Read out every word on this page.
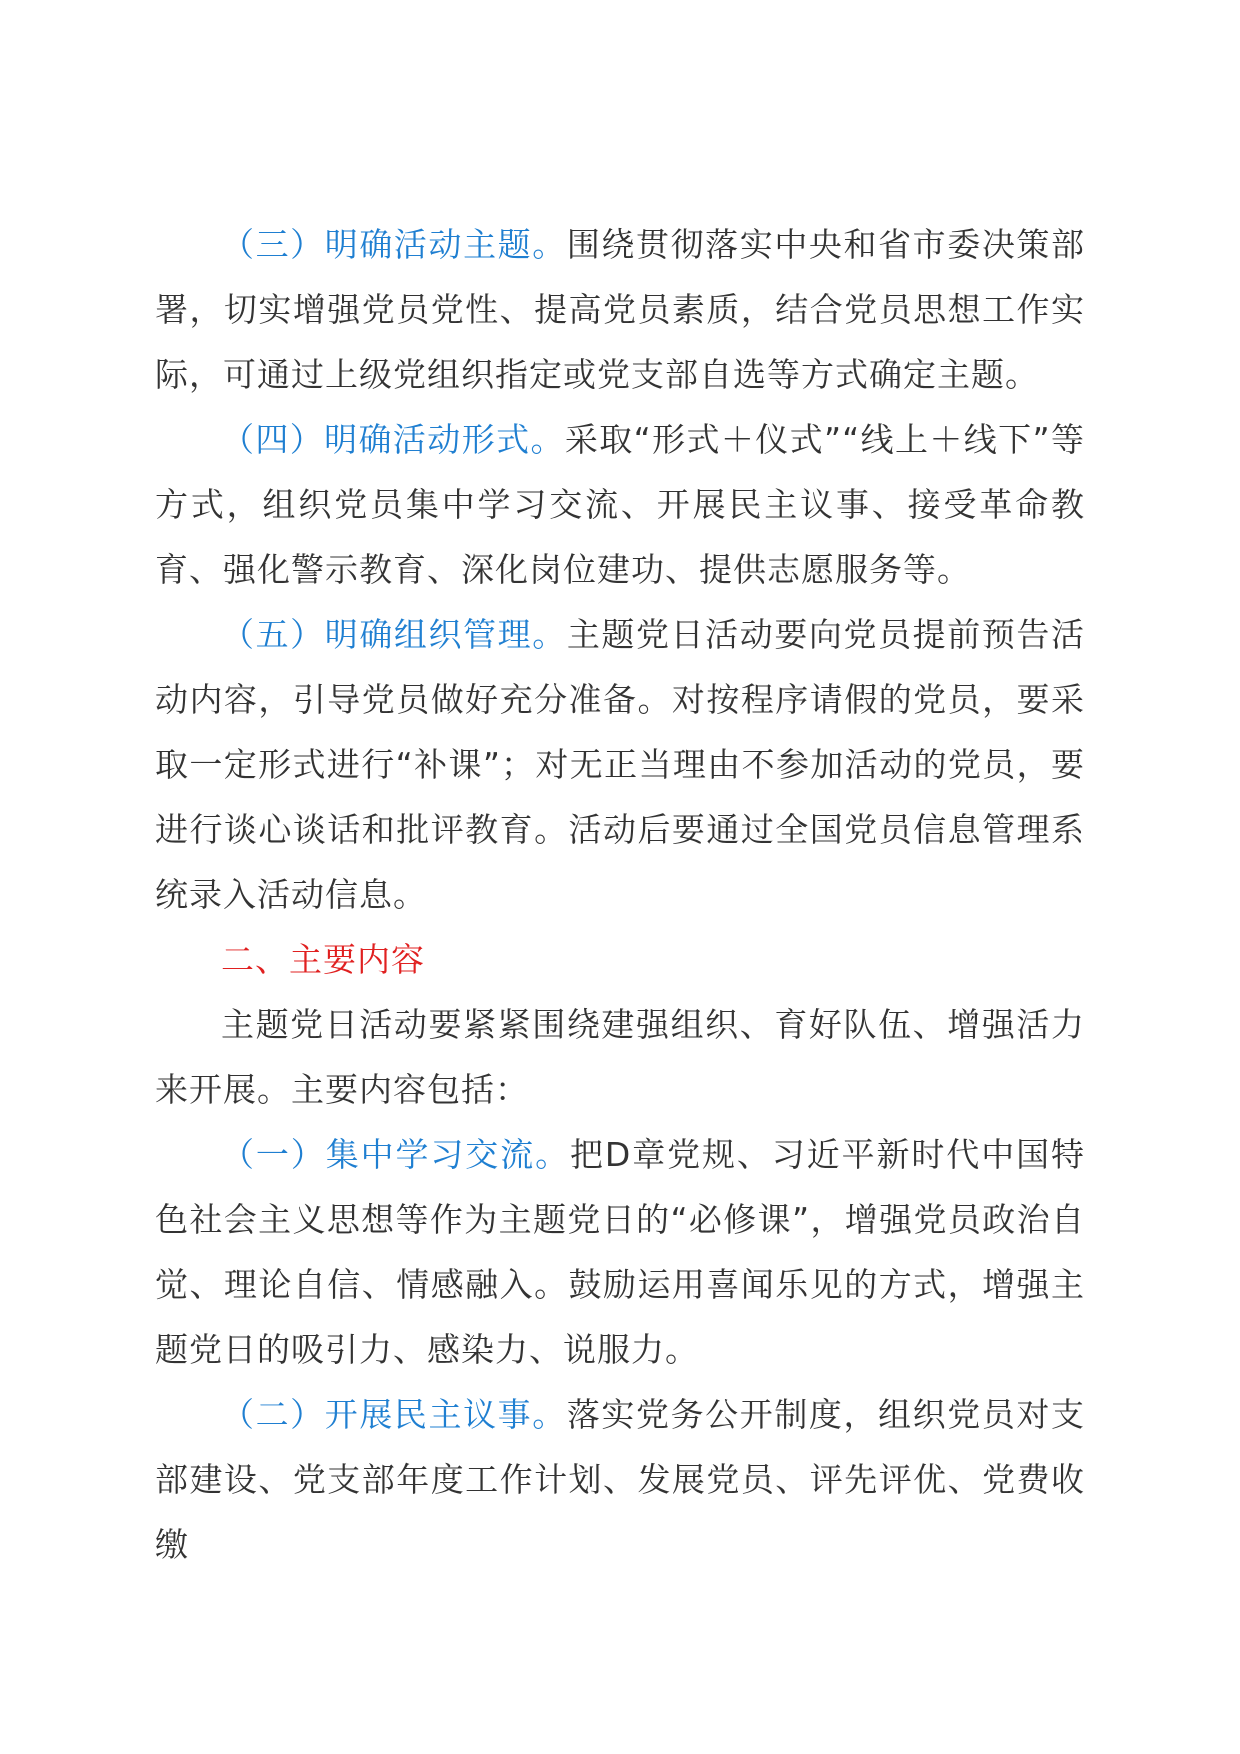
（三）明确活动主题。围绕贯彻落实中央和省市委决策部署，切实增强党员党性、提高党员素质，结合党员思想工作实际，可通过上级党组织指定或党支部自选等方式确定主题。

（四）明确活动形式。采取“形式＋仪式”“线上＋线下”等方式，组织党员集中学习交流、开展民主议事、接受革命教育、强化警示教育、深化岗位建功、提供志愿服务等。

（五）明确组织管理。主题党日活动要向党员提前预告活动内容，引导党员做好充分准备。对按程序请假的党员，要采取一定形式进行“补课”；对无正当理由不参加活动的党员，要进行谈心谈话和批评教育。活动后要通过全国党员信息管理系统录入活动信息。

二、主要内容

主题党日活动要紧紧围绕建强组织、育好队伍、增强活力来开展。主要内容包括：

（一）集中学习交流。把D章党规、习近平新时代中国特色社会主义思想等作为主题党日的“必修课”，增强党员政治自觉、理论自信、情感融入。鼓励运用喜闻乐见的方式，增强主题党日的吸引力、感染力、说服力。

（二）开展民主议事。落实党务公开制度，组织党员对支部建设、党支部年度工作计划、发展党员、评先评优、党费收缴
